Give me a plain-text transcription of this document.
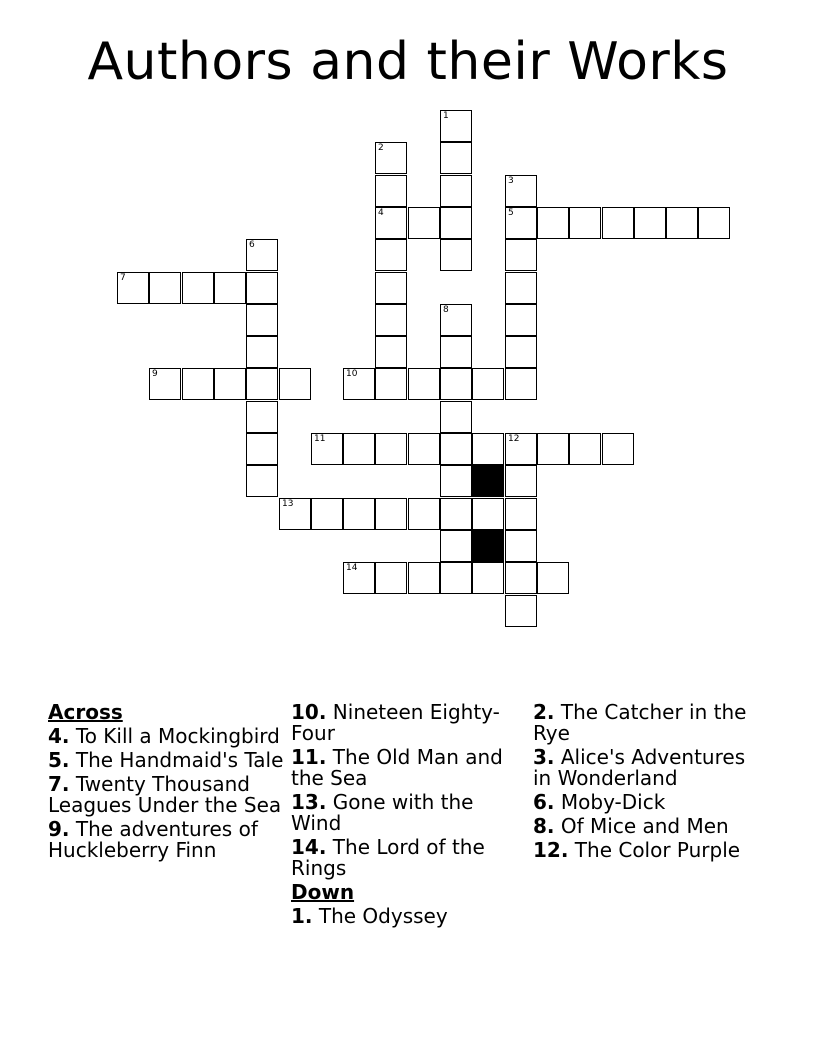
Authors and their Works
1
2
3
4	5
6
7
8
9	10
11	12
13
14
Across
4. To Kill a Mockingbird
5. The Handmaid's Tale
7. Twenty Thousand Leagues Under the Sea
9. The adventures of Huckleberry Finn
10. Nineteen Eighty-Four
11. The Old Man and the Sea
13. Gone with the Wind
14. The Lord of the Rings
Down
1. The Odyssey
2. The Catcher in the Rye
3. Alice's Adventures in Wonderland
6. Moby-Dick
8. Of Mice and Men
12. The Color Purple
